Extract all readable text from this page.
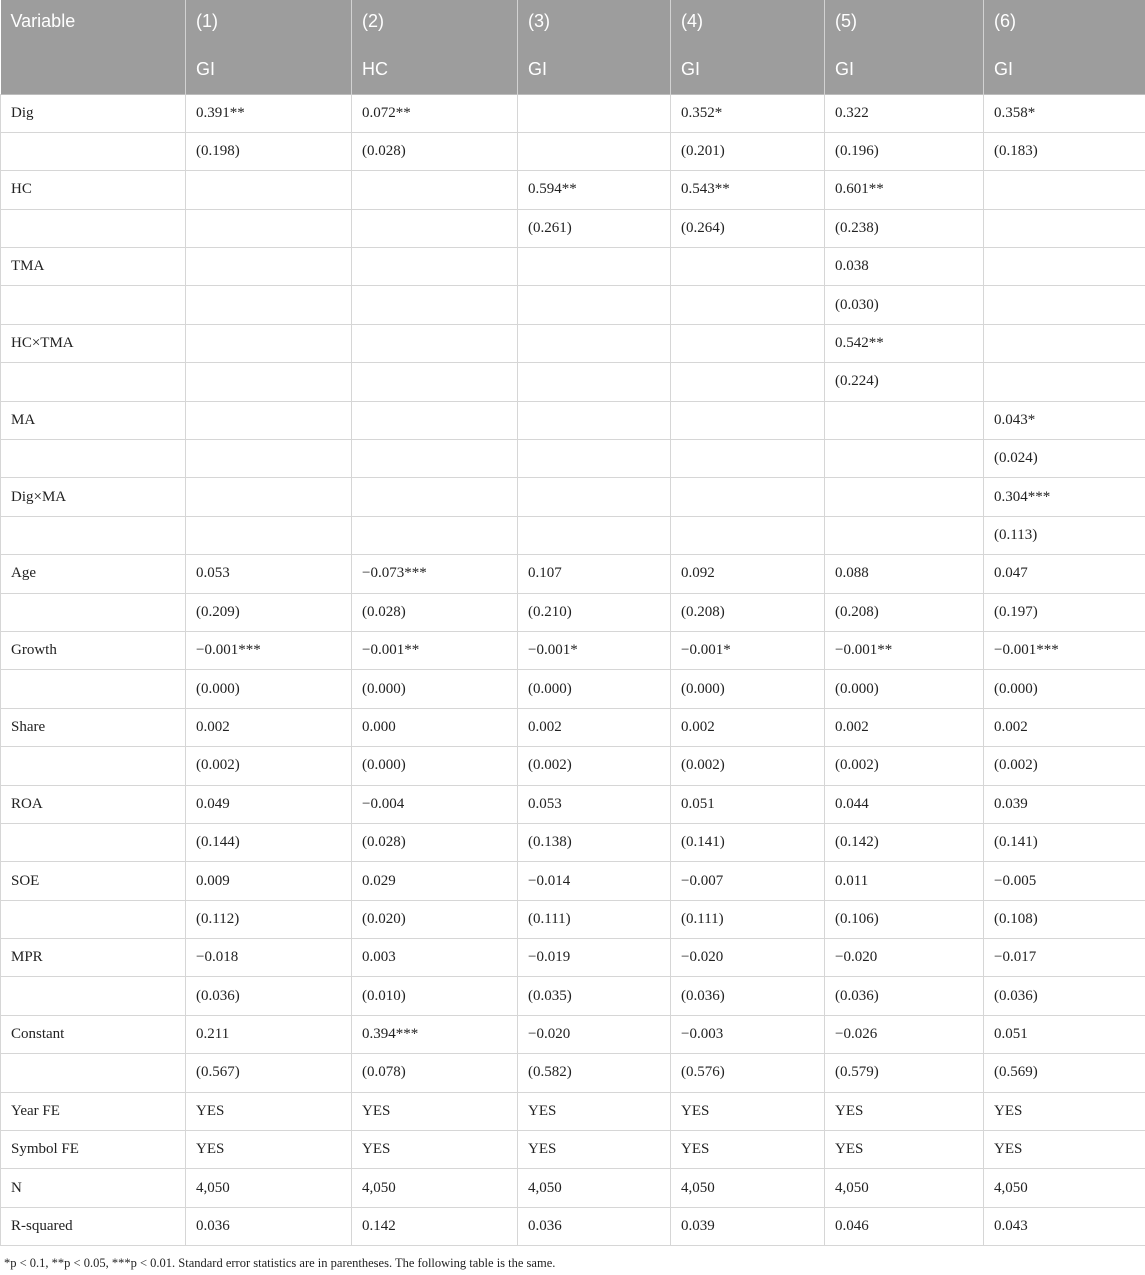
Variable	(1)	(2)	(3)	(4)	(5)	(6)
	GI	HC	GI	GI	GI	GI
Dig	0.391**	0.072**		0.352*	0.322	0.358*
	(0.198)	(0.028)		(0.201)	(0.196)	(0.183)
HC			0.594**	0.543**	0.601**	
			(0.261)	(0.264)	(0.238)	
TMA					0.038	
					(0.030)	
HC×TMA					0.542**	
					(0.224)	
MA						0.043*
						(0.024)
Dig×MA						0.304***
						(0.113)
Age	0.053	−0.073***	0.107	0.092	0.088	0.047
	(0.209)	(0.028)	(0.210)	(0.208)	(0.208)	(0.197)
Growth	−0.001***	−0.001**	−0.001*	−0.001*	−0.001**	−0.001***
	(0.000)	(0.000)	(0.000)	(0.000)	(0.000)	(0.000)
Share	0.002	0.000	0.002	0.002	0.002	0.002
	(0.002)	(0.000)	(0.002)	(0.002)	(0.002)	(0.002)
ROA	0.049	−0.004	0.053	0.051	0.044	0.039
	(0.144)	(0.028)	(0.138)	(0.141)	(0.142)	(0.141)
SOE	0.009	0.029	−0.014	−0.007	0.011	−0.005
	(0.112)	(0.020)	(0.111)	(0.111)	(0.106)	(0.108)
MPR	−0.018	0.003	−0.019	−0.020	−0.020	−0.017
	(0.036)	(0.010)	(0.035)	(0.036)	(0.036)	(0.036)
Constant	0.211	0.394***	−0.020	−0.003	−0.026	0.051
	(0.567)	(0.078)	(0.582)	(0.576)	(0.579)	(0.569)
Year FE	YES	YES	YES	YES	YES	YES
Symbol FE	YES	YES	YES	YES	YES	YES
N	4,050	4,050	4,050	4,050	4,050	4,050
R-squared	0.036	0.142	0.036	0.039	0.046	0.043
*p < 0.1, **p < 0.05, ***p < 0.01. Standard error statistics are in parentheses. The following table is the same.
